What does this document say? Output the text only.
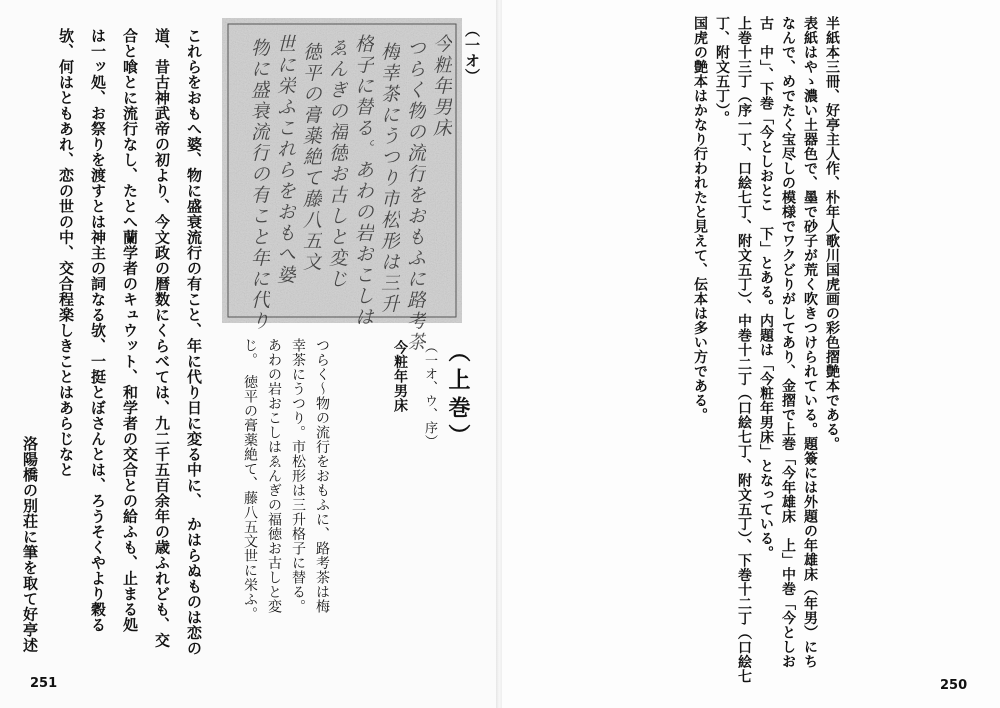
今粧年男床
つらく物の流行をおもふに路考茶
梅幸茶にうつり市松形は三升
格子に替る。あわの岩おこしは
ゑんぎの福徳お古しと変じ
徳平の膏薬絶て藤八五文
世に栄ふこれらをおもへ婆
物に盛衰流行の有こと年に代り	（一オ）
（上巻）
（一オ、ウ、序）
今粧年男床
つらく〜物の流行をおもふに、路考茶は梅
幸茶にうつり。市松形は三升格子に替る。
あわの岩おこしはゑんぎの福徳お古しと変
じ。　徳平の膏薬絶て、藤八五文世に栄ふ。
これらをおもへ婆、物に盛衰流行の有こと、年に代り日に変る中に、　かはらぬものは恋の
道、昔古神武帝の初より、今文政の暦数にくらべては、九二千五百余年の歳ふれども、交
合と喰とに流行なし、たとへ蘭学者のキュウット、和学者の交合との給ふも、止まる処
は一ッ処、お祭りを渡すとは神主の詞なる欤、一挺とぼさんとは、ろうそくやより穀る
欤、何はともあれ、恋の世の中、交合程楽しきことはあらじなと
洛陽橋の別荘に筆を取て好亭述
251
半紙本三冊、好亭主人作、朴年人歌川国虎画の彩色摺艶本である。
表紙はやゝ濃い土器色で、墨で砂子が荒く吹きつけられている。題簽には外題の年雄床（年男）にち
なんで、めでたく宝尽しの模様でワクどりがしてあり、金摺で上巻「今年雄床　上」中巻「今としお
古　中」、下巻「今としおとこ　下」とある。内題は「今粧年男床」となっている。
上巻十三丁（序一丁、口絵七丁、附文五丁）、中巻十二丁（口絵七丁、附文五丁）、下巻十二丁（口絵七
丁、附文五丁）。
国虎の艶本はかなり行われたと見えて、伝本は多い方である。
250
